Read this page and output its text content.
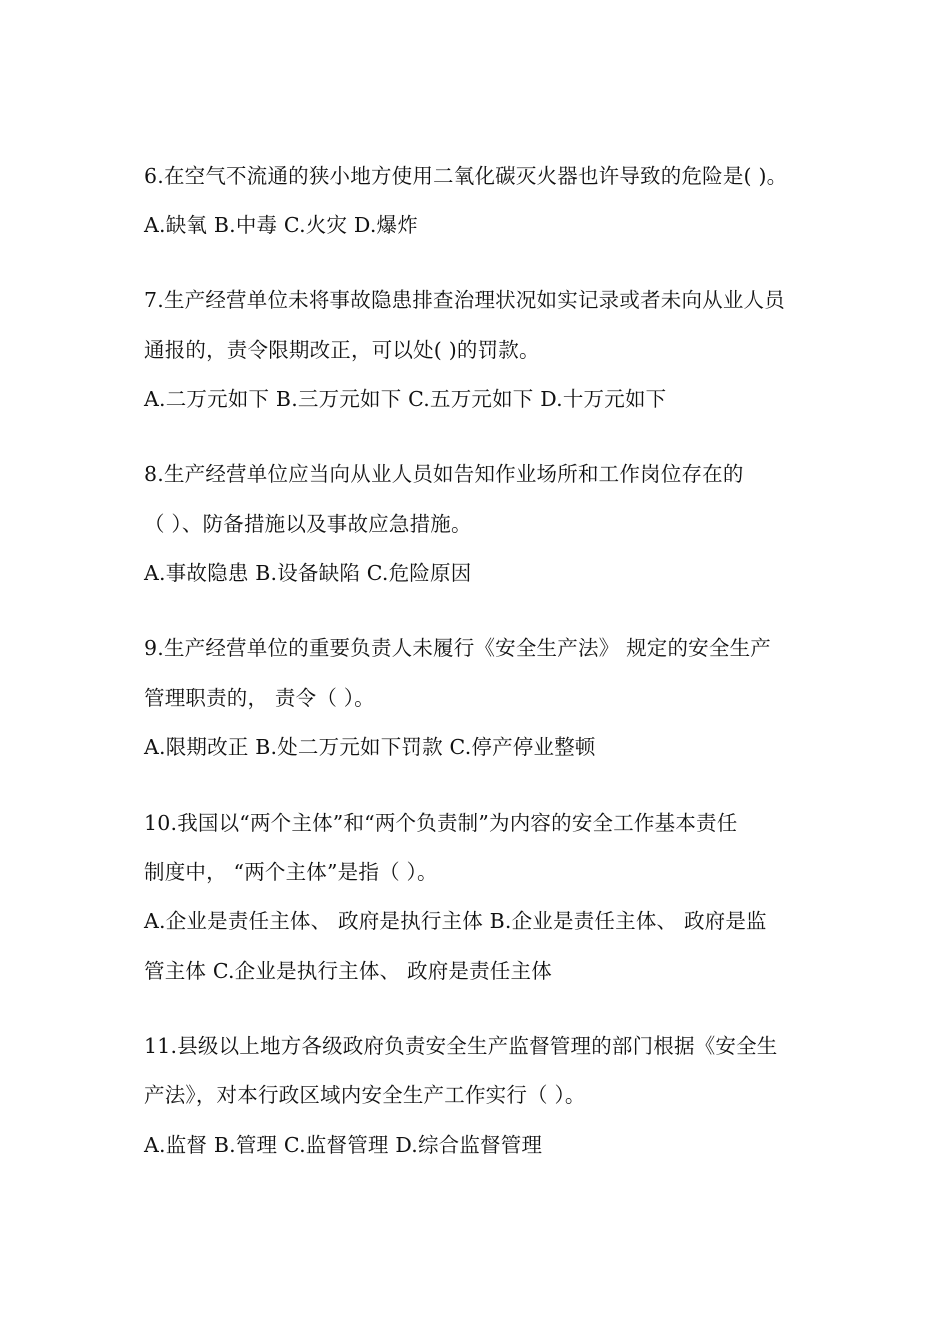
6.在空气不流通的狭小地方使用二氧化碳灭火器也许导致的危险是( )。
A.缺氧 B.中毒 C.火灾 D.爆炸
7.生产经营单位未将事故隐患排查治理状况如实记录或者未向从业人员
通报的，责令限期改正，可以处( )的罚款。
A.二万元如下 B.三万元如下 C.五万元如下 D.十万元如下
8.生产经营单位应当向从业人员如告知作业场所和工作岗位存在的
（ ）、防备措施以及事故应急措施。
A.事故隐患 B.设备缺陷 C.危险原因
9.生产经营单位的重要负责人未履行《安全生产法》 规定的安全生产
管理职责的， 责令（ ）。
A.限期改正 B.处二万元如下罚款 C.停产停业整顿
10.我国以“两个主体”和“两个负责制”为内容的安全工作基本责任
制度中， “两个主体”是指（ ）。
A.企业是责任主体、 政府是执行主体 B.企业是责任主体、 政府是监
管主体 C.企业是执行主体、 政府是责任主体
11.县级以上地方各级政府负责安全生产监督管理的部门根据《安全生
产法》，对本行政区域内安全生产工作实行（ ）。
A.监督 B.管理 C.监督管理 D.综合监督管理
